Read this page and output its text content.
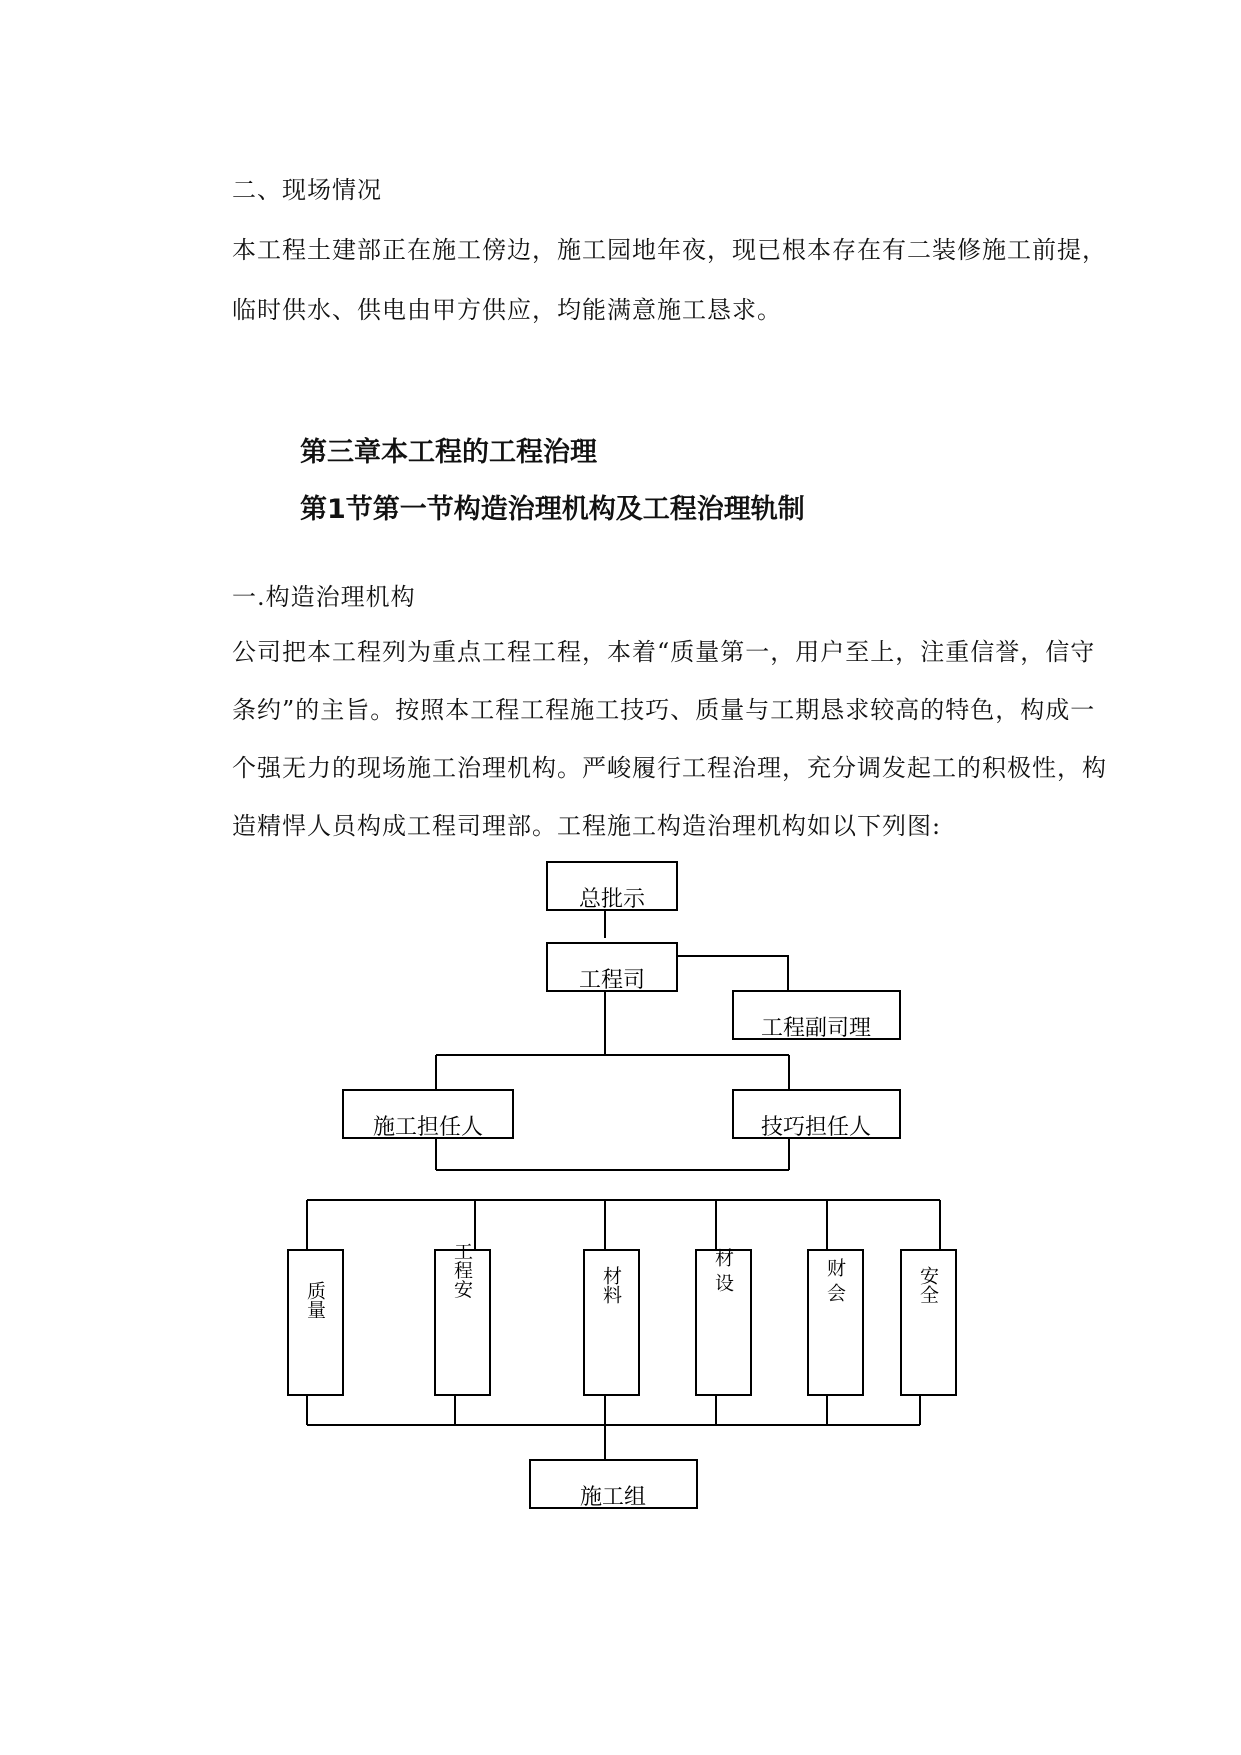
二、现场情况
本工程土建部正在施工傍边，施工园地年夜，现已根本存在有二装修施工前提，
临时供水、供电由甲方供应，均能满意施工恳求。
第三章本工程的工程治理
第1节第一节构造治理机构及工程治理轨制
一.构造治理机构
公司把本工程列为重点工程工程，本着“质量第一，用户至上，注重信誉，信守
条约”的主旨。按照本工程工程施工技巧、质量与工期恳求较高的特色，构成一
个强无力的现场施工治理机构。严峻履行工程治理，充分调发起工的积极性，构
造精悍人员构成工程司理部。工程施工构造治理机构如以下列图:
总批示
工程司
工程副司理
施工担任人	技巧担任人
质量
工程安	材料	材 设	财 会	安全
施工组
